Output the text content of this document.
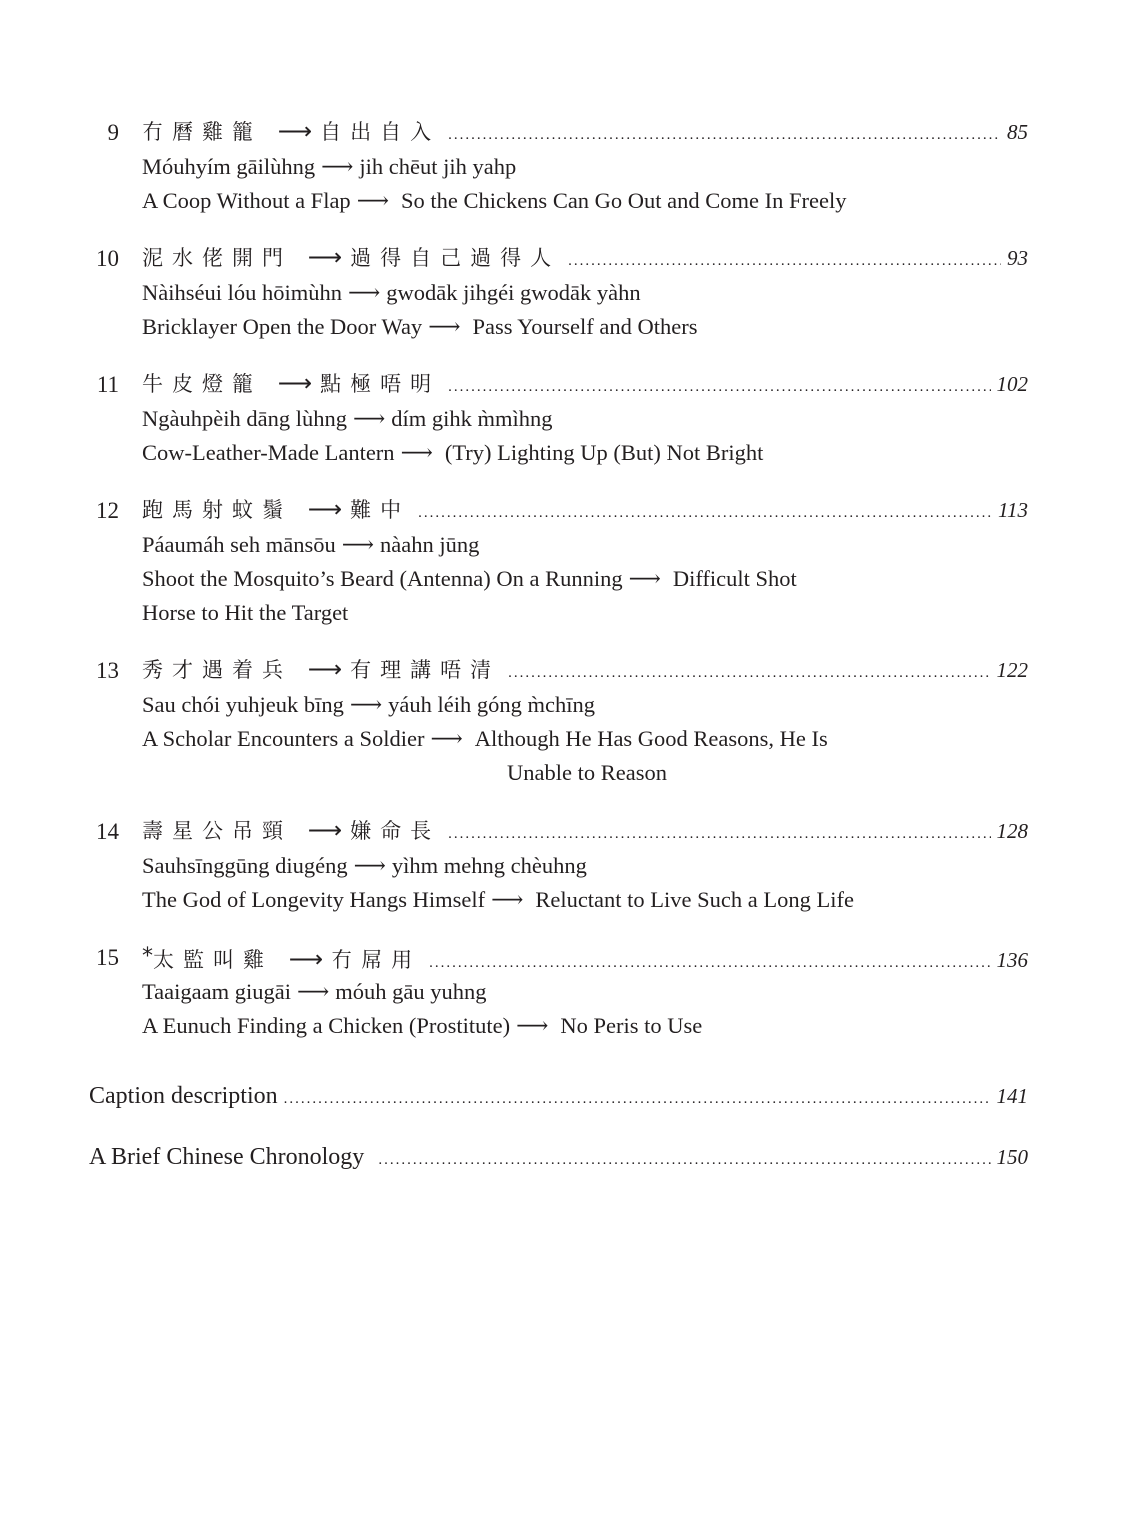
9 冇曆雞籠 ⟶ 自出自入 .....	85
Móuhyím gāilùhng ⟶ jih chēut jih yahp
A Coop Without a Flap ⟶ So the Chickens Can Go Out and Come In Freely
10 泥水佬開門 ⟶ 過得自己過得人 .....	93
Nàihséui lóu hōimùhn ⟶ gwodāk jihgéi gwodāk yàhn
Bricklayer Open the Door Way ⟶ Pass Yourself and Others
11 牛皮燈籠 ⟶ 點極唔明 .....	102
Ngàuhpèih dāng lùhng ⟶ dím gihk m̀mìhng
Cow-Leather-Made Lantern ⟶ (Try) Lighting Up (But) Not Bright
12 跑馬射蚊鬚 ⟶ 難中 .....	113
Páaumáh seh mānsōu ⟶ nàahn jūng
Shoot the Mosquito’s Beard (Antenna) On a Running ⟶ Difficult Shot
Horse to Hit the Target
13 秀才遇着兵 ⟶ 有理講唔清 .....	122
Sau chói yuhjeuk bīng ⟶ yáuh léih góng m̀chīng
A Scholar Encounters a Soldier ⟶ Although He Has Good Reasons, He Is
Unable to Reason
14 壽星公吊頸 ⟶ 嫌命長 .....	128
Sauhsīnggūng diugéng ⟶ yìhm mehng chèuhng
The God of Longevity Hangs Himself ⟶ Reluctant to Live Such a Long Life
15 *太監叫雞 ⟶ 冇屌用 .....	136
Taaigaam giugāi ⟶ móuh gāu yuhng
A Eunuch Finding a Chicken (Prostitute) ⟶ No Peris to Use
Caption description .....	141
A Brief Chinese Chronology .....	150
